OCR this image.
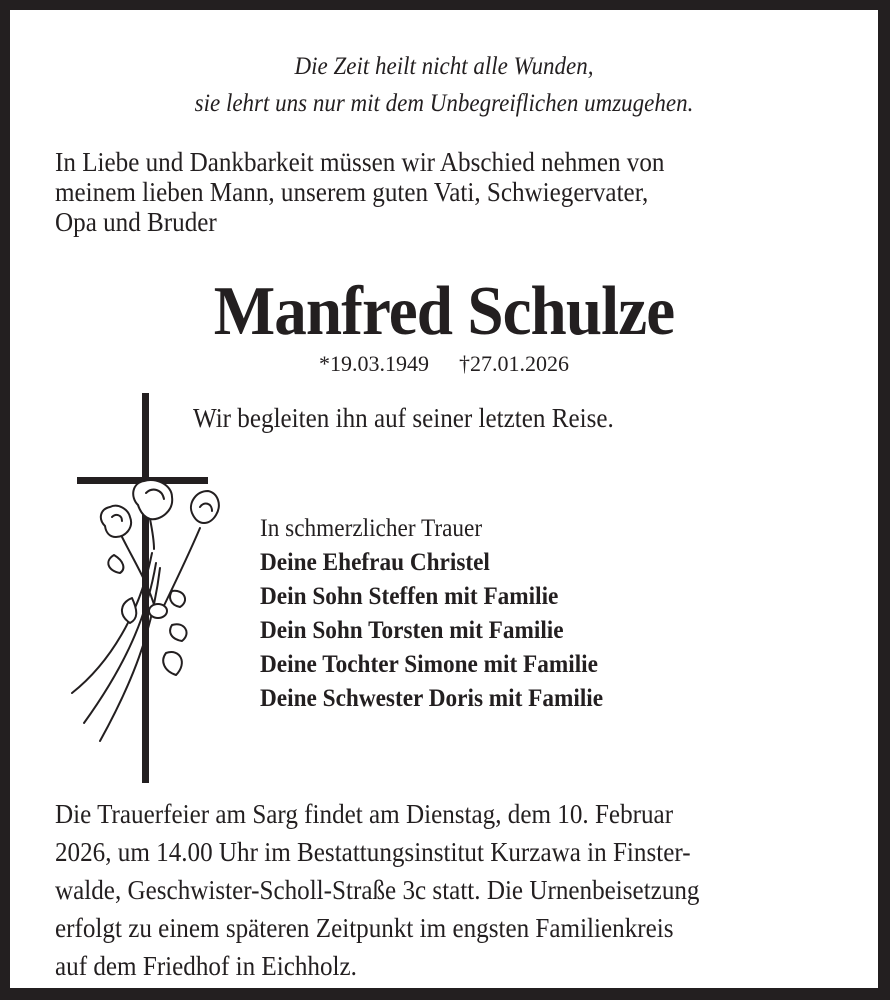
Die Zeit heilt nicht alle Wunden,
sie lehrt uns nur mit dem Unbegreiflichen umzugehen.
In Liebe und Dankbarkeit müssen wir Abschied nehmen von
meinem lieben Mann, unserem guten Vati, Schwiegervater,
Opa und Bruder
Manfred Schulze
*19.03.1949 †27.01.2026
Wir begleiten ihn auf seiner letzten Reise.
In schmerzlicher Trauer
Deine Ehefrau Christel
Dein Sohn Steffen mit Familie
Dein Sohn Torsten mit Familie
Deine Tochter Simone mit Familie
Deine Schwester Doris mit Familie
Die Trauerfeier am Sarg findet am Dienstag, dem 10. Februar
2026, um 14.00 Uhr im Bestattungsinstitut Kurzawa in Finster-
walde, Geschwister-Scholl-Straße 3c statt. Die Urnenbeisetzung
erfolgt zu einem späteren Zeitpunkt im engsten Familienkreis
auf dem Friedhof in Eichholz.
